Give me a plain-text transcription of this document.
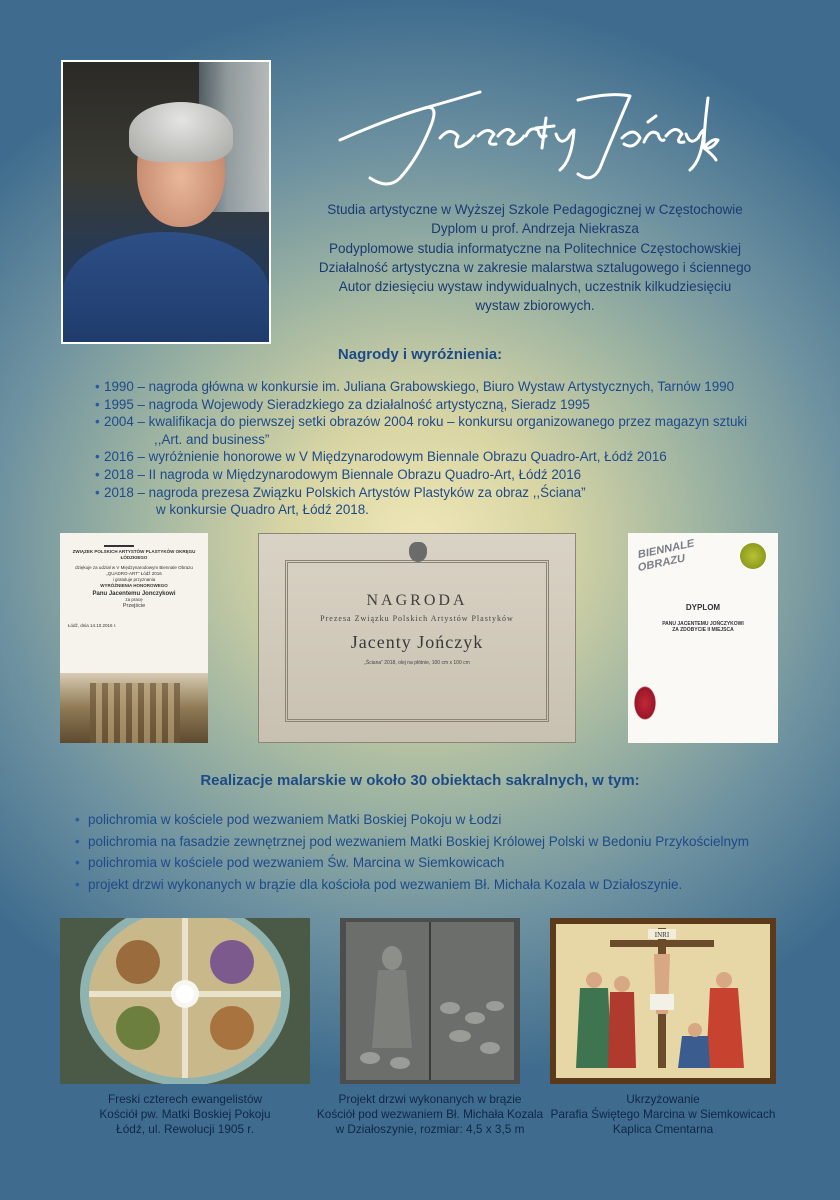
Studia artystyczne w Wyższej Szkole Pedagogicznej w Częstochowie
Dyplom u prof. Andrzeja Niekrasza
Podyplomowe studia informatyczne na Politechnice Częstochowskiej
Działalność artystyczna w zakresie malarstwa sztalugowego i ściennego
Autor dziesięciu wystaw indywidualnych, uczestnik kilkudziesięciu
wystaw zbiorowych.
Nagrody i wyróżnienia:
• 1990 – nagroda główna w konkursie im. Juliana Grabowskiego, Biuro Wystaw Artystycznych, Tarnów 1990
• 1995 – nagroda Wojewody Sieradzkiego za działalność artystyczną, Sieradz 1995
• 2004 – kwalifikacja do pierwszej setki obrazów 2004 roku – konkursu organizowanego przez magazyn sztuki
,,Art. and business”
• 2016 – wyróżnienie honorowe w V Międzynarodowym Biennale Obrazu Quadro-Art, Łódź 2016
• 2018 – II nagroda w Międzynarodowym Biennale Obrazu Quadro-Art, Łódź 2016
• 2018 – nagroda prezesa Związku Polskich Artystów Plastyków za obraz ,,Ściana”
w konkursie Quadro Art, Łódź 2018.
ZWIĄZEK POLSKICH ARTYSTÓW PLASTYKÓW OKRĘGU ŁÓDZKIEGO
dziękuje za udział w V Międzynarodowym Biennale Obrazu
„QUADRO-ART” Łódź 2016
i gratuluje przyznania
WYRÓŻNIENIA HONOROWEGO
Panu Jacentemu Jonczykowi
za pracę
Przejście
Łódź, dnia 14.10.2016 r.
NAGRODA
Prezesa Związku Polskich Artystów Plastyków
Jacenty Jończyk
„Ściana” 2018, olej na płótnie, 100 cm x 100 cm
BIENNALE OBRAZU
DYPLOM
PANU JACENTEMU JOŃCZYKOWI
ZA ZDOBYCIE II MIEJSCA
Realizacje malarskie w około 30 obiektach sakralnych, w tym:
• polichromia w kościele pod wezwaniem Matki Boskiej Pokoju w Łodzi
• polichromia na fasadzie zewnętrznej pod wezwaniem Matki Boskiej Królowej Polski w Bedoniu Przykościelnym
• polichromia w kościele pod wezwaniem Św. Marcina w Siemkowicach
• projekt drzwi wykonanych w brązie dla kościoła pod wezwaniem Bł. Michała Kozala w Działoszynie.
INRI
Freski czterech ewangelistów
Kościół pw. Matki Boskiej Pokoju
Łódź, ul. Rewolucji 1905 r.
Projekt drzwi wykonanych w brązie
Kościół pod wezwaniem Bł. Michała Kozala
w Działoszynie, rozmiar: 4,5 x 3,5 m
Ukrzyżowanie
Parafia Świętego Marcina w Siemkowicach
Kaplica Cmentarna
